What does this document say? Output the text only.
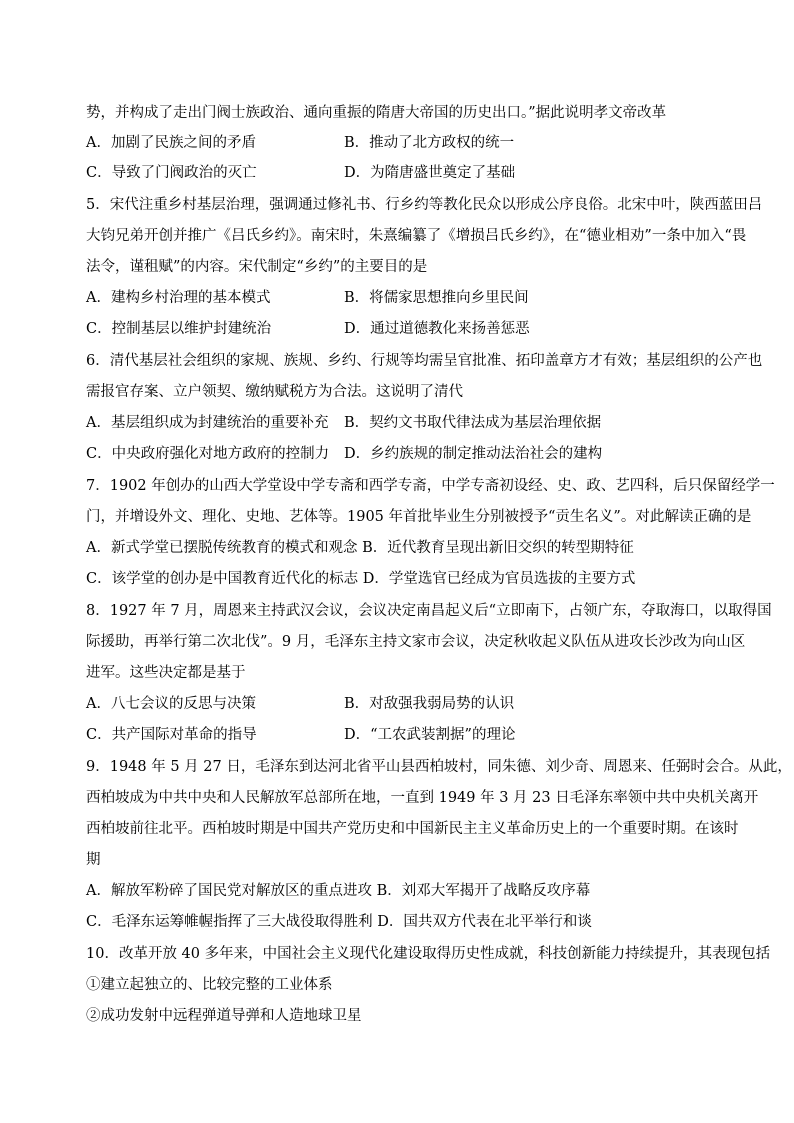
势，并构成了走出门阀士族政治、通向重振的隋唐大帝国的历史出口。”据此说明孝文帝改革
A．加剧了民族之间的矛盾	B．推动了北方政权的统一
C．导致了门阀政治的灭亡	D．为隋唐盛世奠定了基础
5．宋代注重乡村基层治理，强调通过修礼书、行乡约等教化民众以形成公序良俗。北宋中叶，陕西蓝田吕
大钧兄弟开创并推广《吕氏乡约》。南宋时，朱熹编纂了《增损吕氏乡约》，在“德业相劝”一条中加入“畏
法令，谨租赋”的内容。宋代制定“乡约”的主要目的是
A．建构乡村治理的基本模式	B．将儒家思想推向乡里民间
C．控制基层以维护封建统治	D．通过道德教化来扬善惩恶
6．清代基层社会组织的家规、族规、乡约、行规等均需呈官批准、拓印盖章方才有效；基层组织的公产也
需报官存案、立户领契、缴纳赋税方为合法。这说明了清代
A．基层组织成为封建统治的重要补充 B．契约文书取代律法成为基层治理依据
C．中央政府强化对地方政府的控制力 D．乡约族规的制定推动法治社会的建构
7．1902 年创办的山西大学堂设中学专斋和西学专斋，中学专斋初设经、史、政、艺四科，后只保留经学一
门，并增设外文、理化、史地、艺体等。1905 年首批毕业生分别被授予“贡生名义”。对此解读正确的是
A．新式学堂已摆脱传统教育的模式和观念 B．近代教育呈现出新旧交织的转型期特征
C．该学堂的创办是中国教育近代化的标志 D．学堂选官已经成为官员选拔的主要方式
8．1927 年 7 月，周恩来主持武汉会议，会议决定南昌起义后“立即南下，占领广东，夺取海口，以取得国
际援助，再举行第二次北伐”。9 月，毛泽东主持文家市会议，决定秋收起义队伍从进攻长沙改为向山区
进军。这些决定都是基于
A．八七会议的反思与决策	B．对敌强我弱局势的认识
C．共产国际对革命的指导	D．“工农武装割据”的理论
9．1948 年 5 月 27 日，毛泽东到达河北省平山县西柏坡村，同朱德、刘少奇、周恩来、任弼时会合。从此，
西柏坡成为中共中央和人民解放军总部所在地，一直到 1949 年 3 月 23 日毛泽东率领中共中央机关离开
西柏坡前往北平。西柏坡时期是中国共产党历史和中国新民主主义革命历史上的一个重要时期。在该时
期
A．解放军粉碎了国民党对解放区的重点进攻 B．刘邓大军揭开了战略反攻序幕
C．毛泽东运筹帷幄指挥了三大战役取得胜利 D．国共双方代表在北平举行和谈
10．改革开放 40 多年来，中国社会主义现代化建设取得历史性成就，科技创新能力持续提升，其表现包括
①建立起独立的、比较完整的工业体系
②成功发射中远程弹道导弹和人造地球卫星
